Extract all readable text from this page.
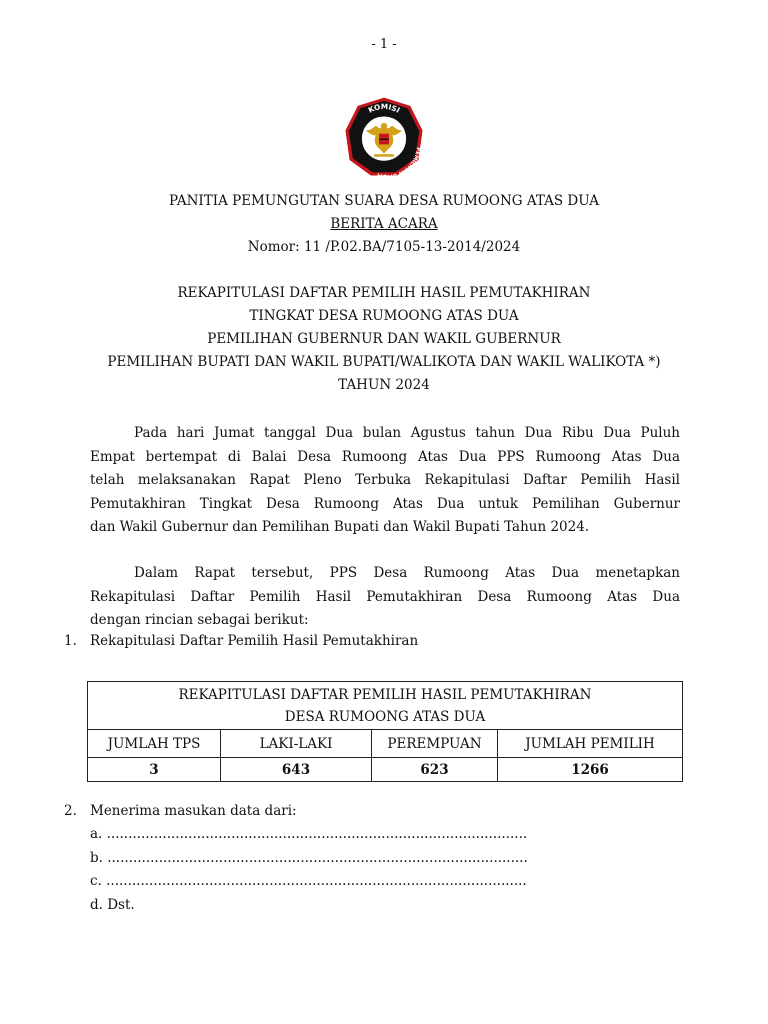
- 1 -
KOMISI
PEMILIHAN UMUM
PANITIA PEMUNGUTAN SUARA DESA RUMOONG ATAS DUA
BERITA ACARA
Nomor: 11 /P.02.BA/7105-13-2014/2024
REKAPITULASI DAFTAR PEMILIH HASIL PEMUTAKHIRAN
TINGKAT DESA RUMOONG ATAS DUA
PEMILIHAN GUBERNUR DAN WAKIL GUBERNUR
PEMILIHAN BUPATI DAN WAKIL BUPATI/WALIKOTA DAN WAKIL WALIKOTA *)
TAHUN 2024
Pada hari Jumat tanggal Dua bulan Agustus tahun Dua Ribu Dua Puluh
Empat bertempat di Balai Desa Rumoong Atas Dua PPS Rumoong Atas Dua
telah melaksanakan Rapat Pleno Terbuka Rekapitulasi Daftar Pemilih Hasil
Pemutakhiran Tingkat Desa Rumoong Atas Dua untuk Pemilihan Gubernur
dan Wakil Gubernur dan Pemilihan Bupati dan Wakil Bupati Tahun 2024.
Dalam Rapat tersebut, PPS Desa Rumoong Atas Dua menetapkan
Rekapitulasi Daftar Pemilih Hasil Pemutakhiran Desa Rumoong Atas Dua
dengan rincian sebagai berikut:
1. Rekapitulasi Daftar Pemilih Hasil Pemutakhiran
REKAPITULASI DAFTAR PEMILIH HASIL PEMUTAKHIRAN
DESA RUMOONG ATAS DUA			

JUMLAH TPS	LAKI-LAKI	PEREMPUAN	JUMLAH PEMILIH
3	643	623	1266
2. Menerima masukan data dari:
a. ..................................................................................................
b. ..................................................................................................
c. ..................................................................................................
d. Dst.
